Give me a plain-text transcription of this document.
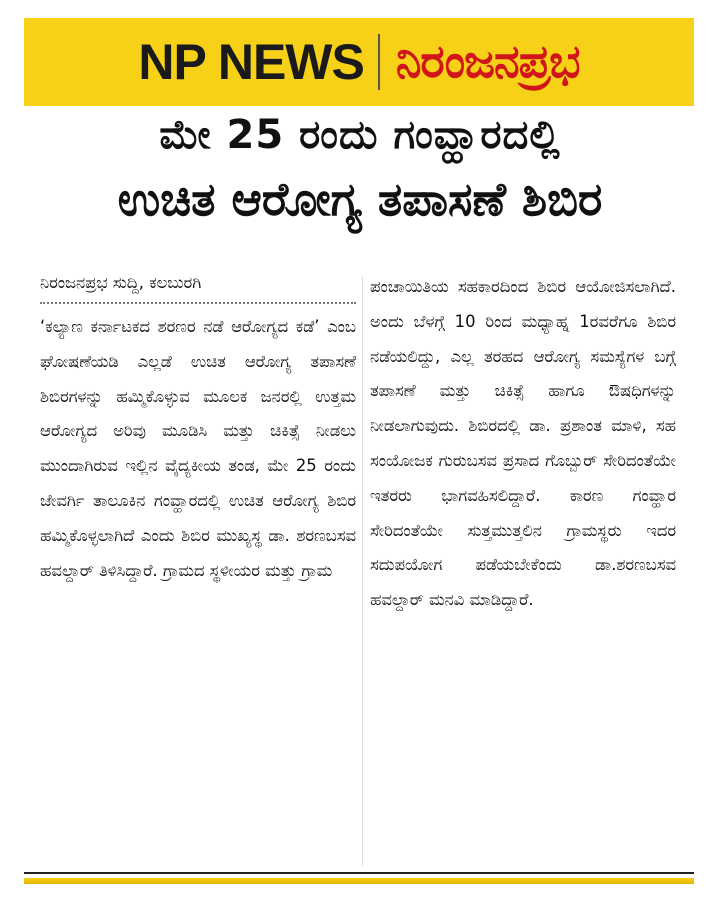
NP NEWS ನಿರಂಜನಪ್ರಭ
ಮೇ 25 ರಂದು ಗಂವ್ಹಾರದಲ್ಲಿ
ಉಚಿತ ಆರೋಗ್ಯ ತಪಾಸಣೆ ಶಿಬಿರ
ನಿರಂಜನಪ್ರಭ ಸುದ್ದಿ, ಕಲಬುರಗಿ

‘ಕಲ್ಯಾಣ ಕರ್ನಾಟಕದ ಶರಣರ ನಡೆ ಆರೋಗ್ಯದ ಕಡೆ’ ಎಂಬ ಘೋಷಣೆಯಡಿ ಎಲ್ಲಡೆ ಉಚಿತ ಆರೋಗ್ಯ ತಪಾಸಣೆ ಶಿಬಿರಗಳನ್ನು ಹಮ್ಮಿಕೊಳ್ಳುವ ಮೂಲಕ ಜನರಲ್ಲಿ ಉತ್ತಮ ಆರೋಗ್ಯದ ಅರಿವು ಮೂಡಿಸಿ ಮತ್ತು ಚಿಕಿತ್ಸೆ ನೀಡಲು ಮುಂದಾಗಿರುವ ಇಲ್ಲಿನ ವೈದ್ಯಕೀಯ ತಂಡ, ಮೇ 25 ರಂದು ಜೇವರ್ಗಿ ತಾಲೂಕಿನ ಗಂವ್ಹಾರದಲ್ಲಿ ಉಚಿತ ಆರೋಗ್ಯ ಶಿಬಿರ ಹಮ್ಮಿಕೊಳ್ಳಲಾಗಿದೆ ಎಂದು ಶಿಬಿರ ಮುಖ್ಯಸ್ಥ ಡಾ. ಶರಣಬಸವ ಹವಲ್ದಾರ್ ತಿಳಿಸಿದ್ದಾರೆ. ಗ್ರಾಮದ ಸ್ಥಳೀಯರ ಮತ್ತು ಗ್ರಾಮ

ಪಂಚಾಯಿತಿಯ ಸಹಕಾರದಿಂದ ಶಿಬಿರ ಆಯೋಜಿಸಲಾಗಿದೆ. ಅಂದು ಬೆಳಗ್ಗೆ 10 ರಿಂದ ಮಧ್ಯಾಹ್ನ 1ರವರೆಗೂ ಶಿಬಿರ ನಡೆಯಲಿದ್ದು, ಎಲ್ಲ ತರಹದ ಆರೋಗ್ಯ ಸಮಸ್ಯೆಗಳ ಬಗ್ಗೆ ತಪಾಸಣೆ ಮತ್ತು ಚಿಕಿತ್ಸೆ ಹಾಗೂ ಔಷಧಿಗಳನ್ನು ನೀಡಲಾಗುವುದು. ಶಿಬಿರದಲ್ಲಿ ಡಾ. ಪ್ರಶಾಂತ ಮಾಳಿ, ಸಹ ಸಂಯೋಜಕ ಗುರುಬಸವ ಪ್ರಸಾದ ಗೊಬ್ಬುರ್ ಸೇರಿದಂತೆಯೇ ಇತರರು ಭಾಗವಹಿಸಲಿದ್ದಾರೆ. ಕಾರಣ ಗಂವ್ಹಾರ ಸೇರಿದಂತೆಯೇ ಸುತ್ತಮುತ್ತಲಿನ ಗ್ರಾಮಸ್ಥರು ಇದರ ಸದುಪಯೋಗ ಪಡೆಯಬೇಕೆಂದು ಡಾ.ಶರಣಬಸವ ಹವಲ್ದಾರ್ ಮನವಿ ಮಾಡಿದ್ದಾರೆ.
